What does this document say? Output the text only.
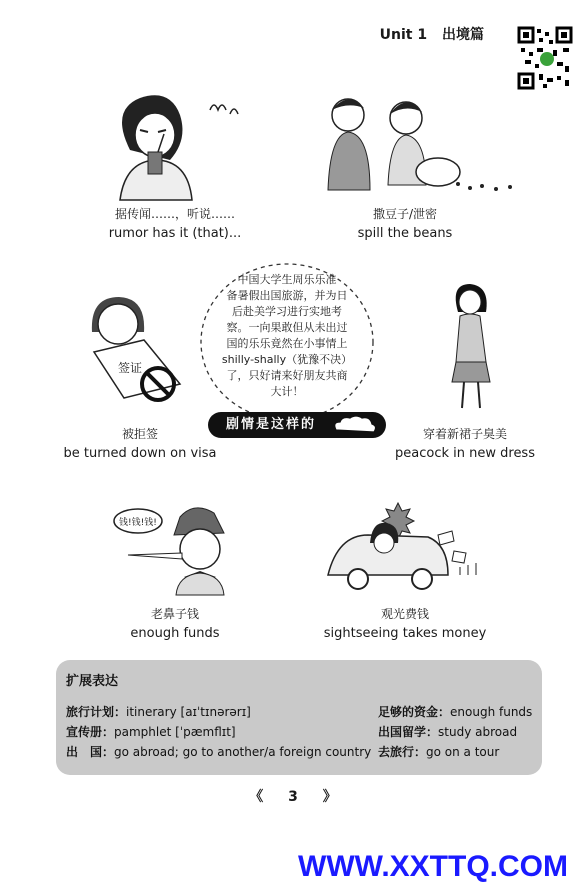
Unit 1 出境篇
签证
钱!钱!钱!
据传闻……，听说……
rumor has it (that)...
撒豆子/泄密
spill the beans
被拒签
be turned down on visa
穿着新裙子臭美
peacock in new dress
老鼻子钱
enough funds
观光费钱
sightseeing takes money
中国大学生周乐乐准
备暑假出国旅游，并为日
后赴美学习进行实地考
察。一向果敢但从未出过
国的乐乐竟然在小事情上
shilly-shally（犹豫不决）
了，只好请来好朋友共商
大计！
剧情是这样的
扩展表达
旅行计划：itinerary [aɪˈtɪnərərɪ]
宣传册：pamphlet [ˈpæmflɪt]
出　国：go abroad; go to another/a foreign country
足够的资金：enough funds
出国留学：study abroad
去旅行：go on a tour
《 3 》
WWW.XXTTQ.COM
